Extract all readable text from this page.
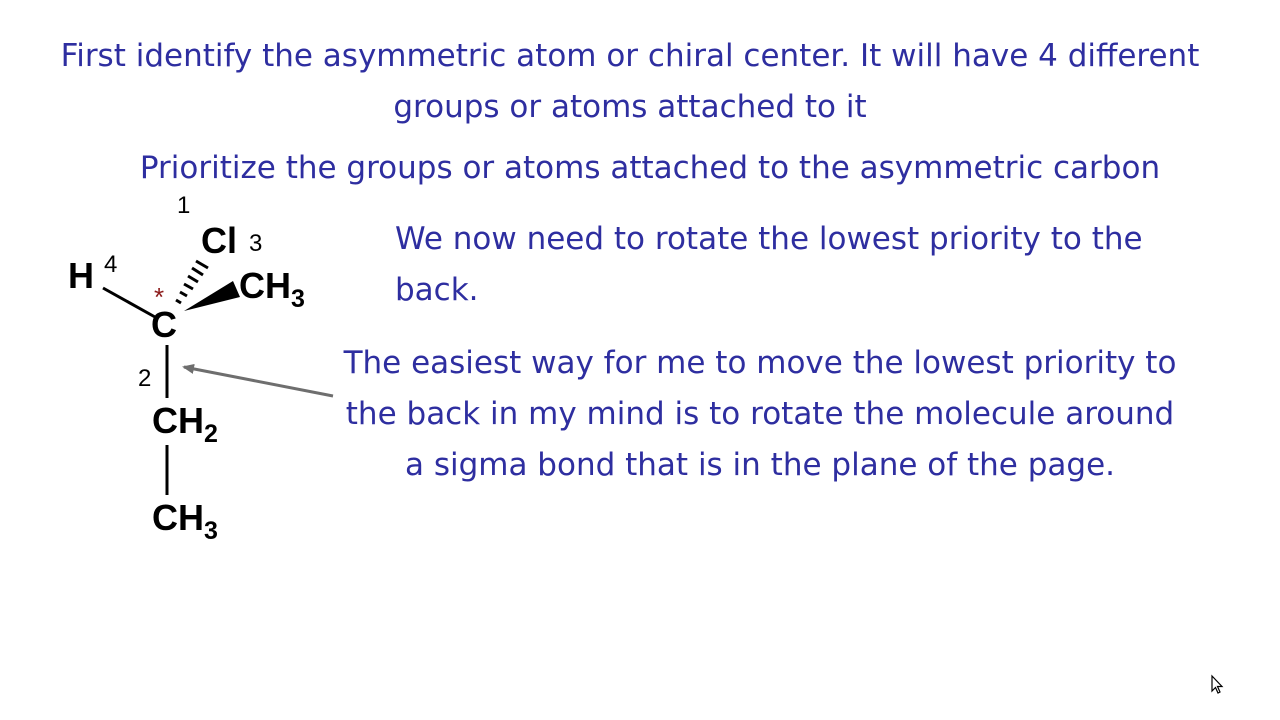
First identify the asymmetric atom or chiral center. It will have 4 different groups or atoms attached to it

Prioritize the groups or atoms attached to the asymmetric carbon

We now need to rotate the lowest priority to the back.

The easiest way for me to move the lowest priority to the back in my mind is to rotate the molecule around a sigma bond that is in the plane of the page.

H 4
*
C
1
Cl 3
$CH_3$
2
$CH_2$
$CH_3$
